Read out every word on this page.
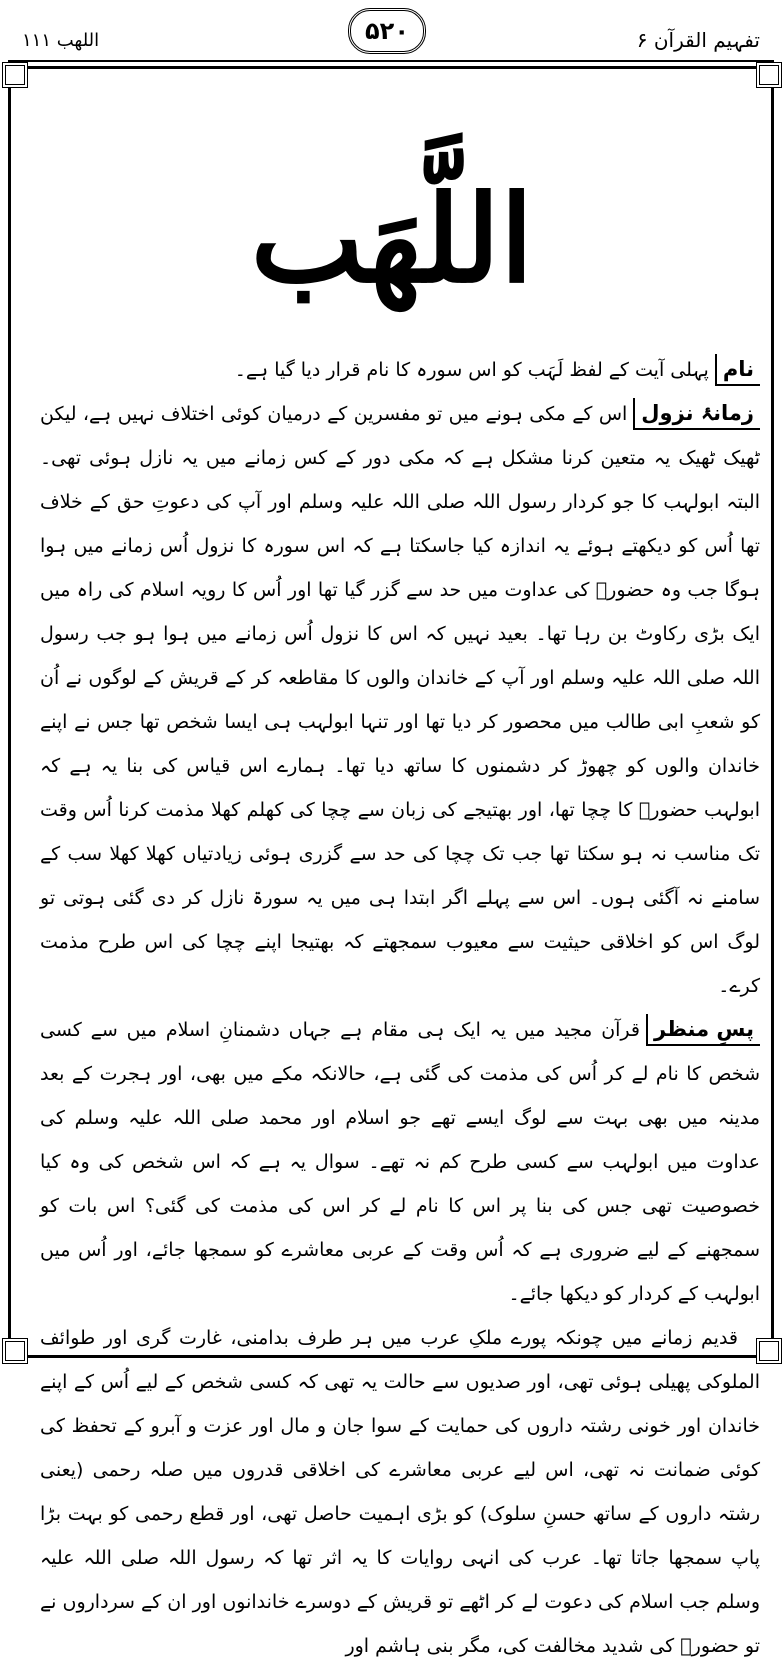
تفہیم القرآن ۶
۵۲۰
اللھب ۱۱۱
اللَّھَب

نامپہلی آیت کے لفظ لَہَب کو اس سورہ کا نام قرار دیا گیا ہے۔

زمانۂ نزولاس کے مکی ہونے میں تو مفسرین کے درمیان کوئی اختلاف نہیں ہے، لیکن ٹھیک ٹھیک یہ متعین کرنا مشکل ہے کہ مکی دور کے کس زمانے میں یہ نازل ہوئی تھی۔ البتہ ابولہب کا جو کردار رسول اللہ صلی اللہ علیہ وسلم اور آپ کی دعوتِ حق کے خلاف تھا اُس کو دیکھتے ہوئے یہ اندازہ کیا جاسکتا ہے کہ اس سورہ کا نزول اُس زمانے میں ہوا ہوگا جب وہ حضورؐ کی عداوت میں حد سے گزر گیا تھا اور اُس کا رویہ اسلام کی راہ میں ایک بڑی رکاوٹ بن رہا تھا۔ بعید نہیں کہ اس کا نزول اُس زمانے میں ہوا ہو جب رسول اللہ صلی اللہ علیہ وسلم اور آپ کے خاندان والوں کا مقاطعہ کر کے قریش کے لوگوں نے اُن کو شعبِ ابی طالب میں محصور کر دیا تھا اور تنہا ابولہب ہی ایسا شخص تھا جس نے اپنے خاندان والوں کو چھوڑ کر دشمنوں کا ساتھ دیا تھا۔ ہمارے اس قیاس کی بنا یہ ہے کہ ابولہب حضورؐ کا چچا تھا، اور بھتیجے کی زبان سے چچا کی کھلم کھلا مذمت کرنا اُس وقت تک مناسب نہ ہو سکتا تھا جب تک چچا کی حد سے گزری ہوئی زیادتیاں کھلا کھلا سب کے سامنے نہ آگئی ہوں۔ اس سے پہلے اگر ابتدا ہی میں یہ سورۃ نازل کر دی گئی ہوتی تو لوگ اس کو اخلاقی حیثیت سے معیوب سمجھتے کہ بھتیجا اپنے چچا کی اس طرح مذمت کرے۔

پسِ منظرقرآن مجید میں یہ ایک ہی مقام ہے جہاں دشمنانِ اسلام میں سے کسی شخص کا نام لے کر اُس کی مذمت کی گئی ہے، حالانکہ مکے میں بھی، اور ہجرت کے بعد مدینہ میں بھی بہت سے لوگ ایسے تھے جو اسلام اور محمد صلی اللہ علیہ وسلم کی عداوت میں ابولہب سے کسی طرح کم نہ تھے۔ سوال یہ ہے کہ اس شخص کی وہ کیا خصوصیت تھی جس کی بنا پر اس کا نام لے کر اس کی مذمت کی گئی؟ اس بات کو سمجھنے کے لیے ضروری ہے کہ اُس وقت کے عربی معاشرے کو سمجھا جائے، اور اُس میں ابولہب کے کردار کو دیکھا جائے۔

قدیم زمانے میں چونکہ پورے ملکِ عرب میں ہر طرف بدامنی، غارت گری اور طوائف الملوکی پھیلی ہوئی تھی، اور صدیوں سے حالت یہ تھی کہ کسی شخص کے لیے اُس کے اپنے خاندان اور خونی رشتہ داروں کی حمایت کے سوا جان و مال اور عزت و آبرو کے تحفظ کی کوئی ضمانت نہ تھی، اس لیے عربی معاشرے کی اخلاقی قدروں میں صلہ رحمی (یعنی رشتہ داروں کے ساتھ حسنِ سلوک) کو بڑی اہمیت حاصل تھی، اور قطع رحمی کو بہت بڑا پاپ سمجھا جاتا تھا۔ عرب کی انہی روایات کا یہ اثر تھا کہ رسول اللہ صلی اللہ علیہ وسلم جب اسلام کی دعوت لے کر اٹھے تو قریش کے دوسرے خاندانوں اور ان کے سرداروں نے تو حضورؐ کی شدید مخالفت کی، مگر بنی ہاشم اور
